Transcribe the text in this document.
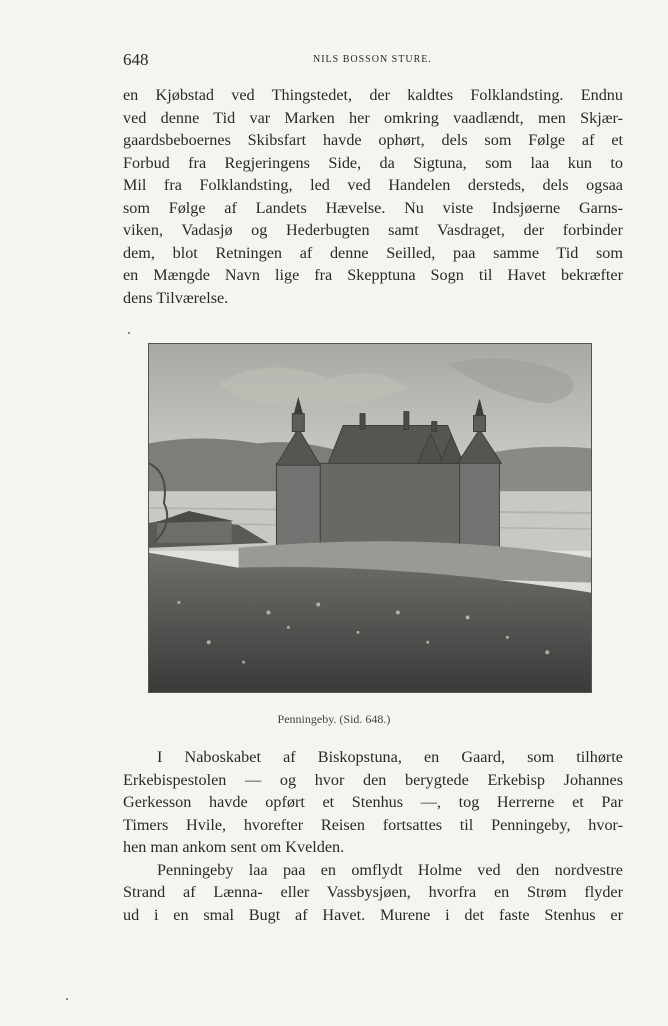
648	NILS BOSSON STURE.
en Kjøbstad ved Thingstedet, der kaldtes Folklandsting. Endnu
ved denne Tid var Marken her omkring vaadlændt, men Skjær-
gaardsbeboernes Skibsfart havde ophørt, dels som Følge af et
Forbud fra Regjeringens Side, da Sigtuna, som laa kun to
Mil fra Folklandsting, led ved Handelen dersteds, dels ogsaa
som Følge af Landets Hævelse. Nu viste Indsjøerne Garns-
viken, Vadasjø og Hederbugten samt Vasdraget, der forbinder
dem, blot Retningen af denne Seilled, paa samme Tid som
en Mængde Navn lige fra Skepptuna Sogn til Havet bekræfter
dens Tilværelse.
Penningeby. (Sid. 648.)
I Naboskabet af Biskopstuna, en Gaard, som tilhørte
Erkebispestolen — og hvor den berygtede Erkebisp Johannes
Gerkesson havde opført et Stenhus —, tog Herrerne et Par
Timers Hvile, hvorefter Reisen fortsattes til Penningeby, hvor-
hen man ankom sent om Kvelden.
Penningeby laa paa en omflydt Holme ved den nordvestre
Strand af Lænna- eller Vassbysjøen, hvorfra en Strøm flyder
ud i en smal Bugt af Havet. Murene i det faste Stenhus er
